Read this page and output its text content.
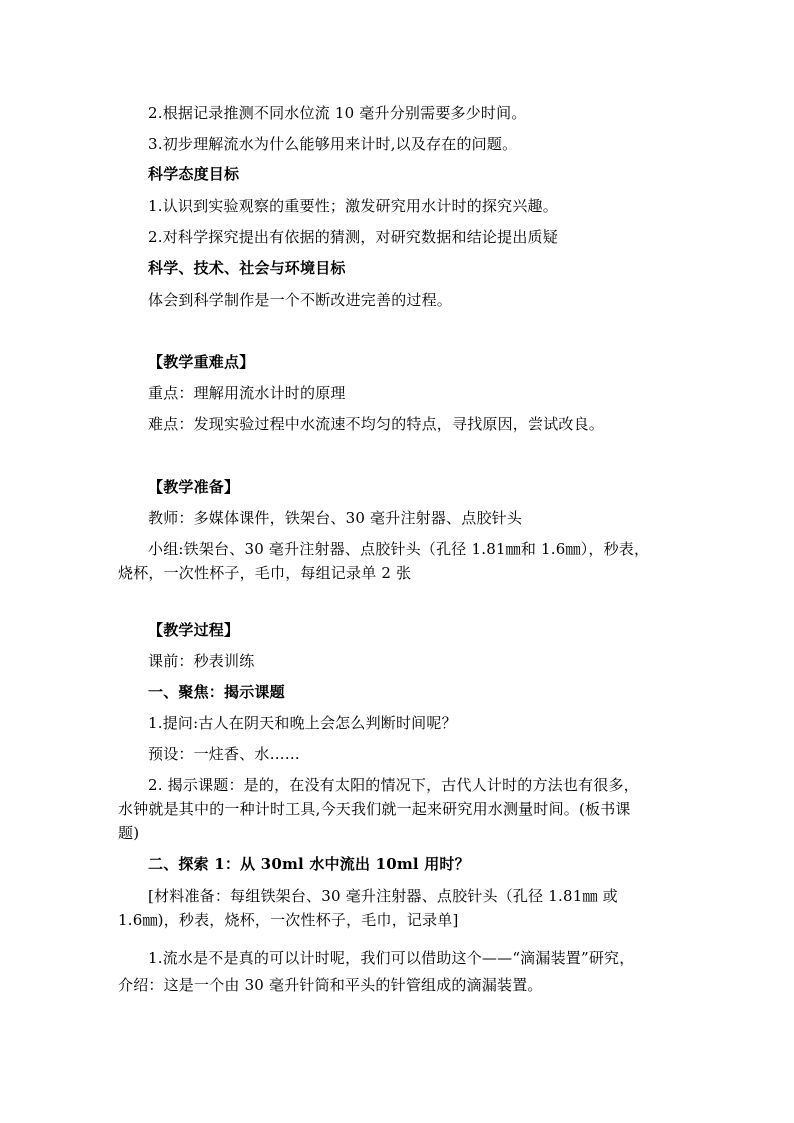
2.根据记录推测不同水位流 10 毫升分别需要多少时间。
3.初步理解流水为什么能够用来计时,以及存在的问题。
科学态度目标
1.认识到实验观察的重要性；激发研究用水计时的探究兴趣。
2.对科学探究提出有依据的猜测，对研究数据和结论提出质疑
科学、技术、社会与环境目标
体会到科学制作是一个不断改进完善的过程。
【教学重难点】
重点：理解用流水计时的原理
难点：发现实验过程中水流速不均匀的特点，寻找原因，尝试改良。
【教学准备】
教师：多媒体课件，铁架台、30 毫升注射器、点胶针头
小组:铁架台、30 毫升注射器、点胶针头（孔径 1.81㎜和 1.6㎜），秒表，
烧杯，一次性杯子，毛巾，每组记录单 2 张
【教学过程】
课前：秒表训练
一、聚焦：揭示课题
1.提问:古人在阴天和晚上会怎么判断时间呢？
预设：一炷香、水……
2. 揭示课题：是的，在没有太阳的情况下，古代人计时的方法也有很多，
水钟就是其中的一种计时工具,今天我们就一起来研究用水测量时间。(板书课
题)
二、探索 1：从 30ml 水中流出 10ml 用时？
[材料准备：每组铁架台、30 毫升注射器、点胶针头（孔径 1.81㎜ 或
1.6㎜)，秒表，烧杯，一次性杯子，毛巾，记录单]
1.流水是不是真的可以计时呢，我们可以借助这个——“滴漏装置”研究，
介绍：这是一个由 30 毫升针筒和平头的针管组成的滴漏装置。
